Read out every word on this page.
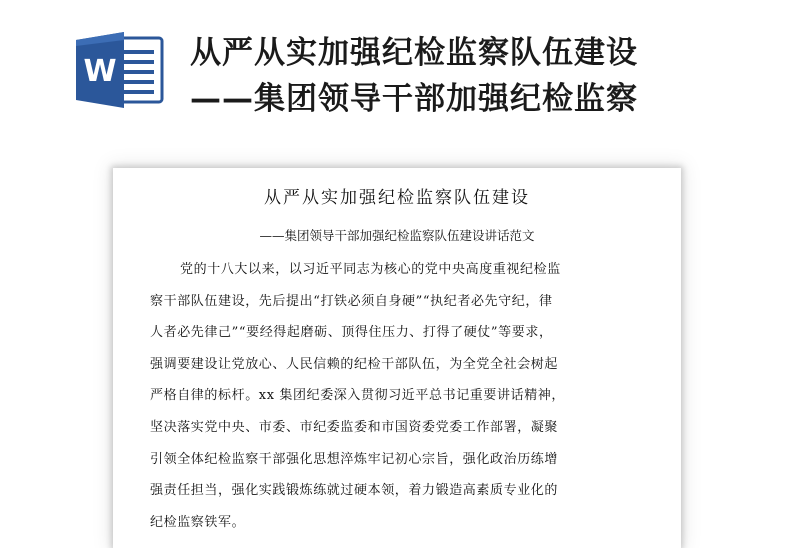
W
从严从实加强纪检监察队伍建设
——集团领导干部加强纪检监察
从严从实加强纪检监察队伍建设
——集团领导干部加强纪检监察队伍建设讲话范文
党的十八大以来，以习近平同志为核心的党中央高度重视纪检监
察干部队伍建设，先后提出“打铁必须自身硬”“执纪者必先守纪，律
人者必先律己”“要经得起磨砺、顶得住压力、打得了硬仗”等要求，
强调要建设让党放心、人民信赖的纪检干部队伍，为全党全社会树起
严格自律的标杆。xx 集团纪委深入贯彻习近平总书记重要讲话精神，
坚决落实党中央、市委、市纪委监委和市国资委党委工作部署，凝聚
引领全体纪检监察干部强化思想淬炼牢记初心宗旨，强化政治历练增
强责任担当，强化实践锻炼练就过硬本领，着力锻造高素质专业化的
纪检监察铁军。
